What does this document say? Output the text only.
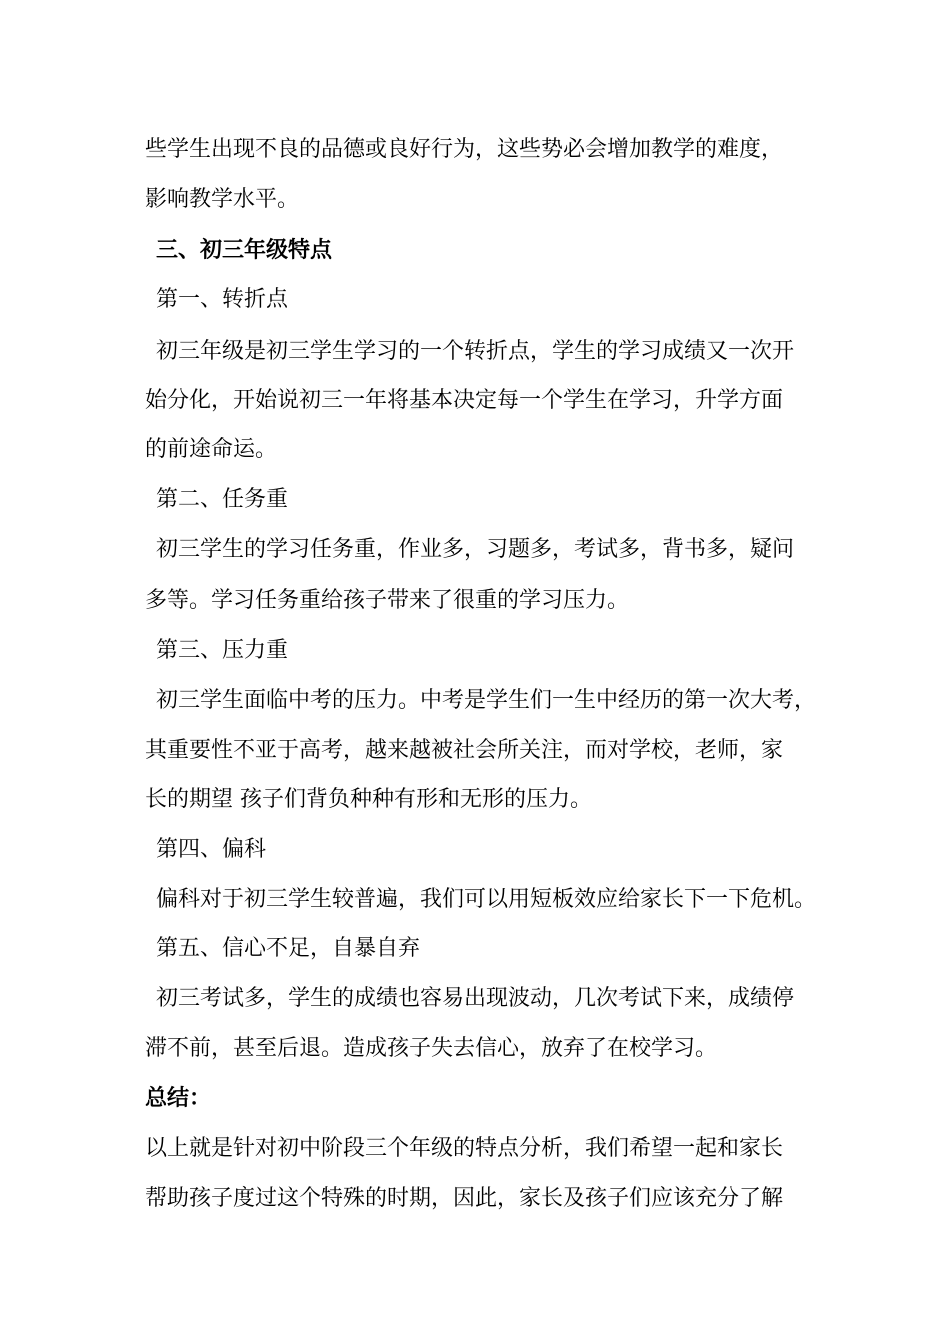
些学生出现不良的品德或良好行为，这些势必会增加教学的难度，
影响教学水平。
三、初三年级特点
第一、转折点
初三年级是初三学生学习的一个转折点，学生的学习成绩又一次开
始分化，开始说初三一年将基本决定每一个学生在学习，升学方面
的前途命运。
第二、任务重
初三学生的学习任务重，作业多，习题多，考试多，背书多，疑问
多等。学习任务重给孩子带来了很重的学习压力。
第三、压力重
初三学生面临中考的压力。中考是学生们一生中经历的第一次大考，
其重要性不亚于高考，越来越被社会所关注，而对学校，老师，家
长的期望 孩子们背负种种有形和无形的压力。
第四、偏科
偏科对于初三学生较普遍，我们可以用短板效应给家长下一下危机。
第五、信心不足，自暴自弃
初三考试多，学生的成绩也容易出现波动，几次考试下来，成绩停
滞不前，甚至后退。造成孩子失去信心，放弃了在校学习。
总结：
以上就是针对初中阶段三个年级的特点分析，我们希望一起和家长
帮助孩子度过这个特殊的时期，因此，家长及孩子们应该充分了解
